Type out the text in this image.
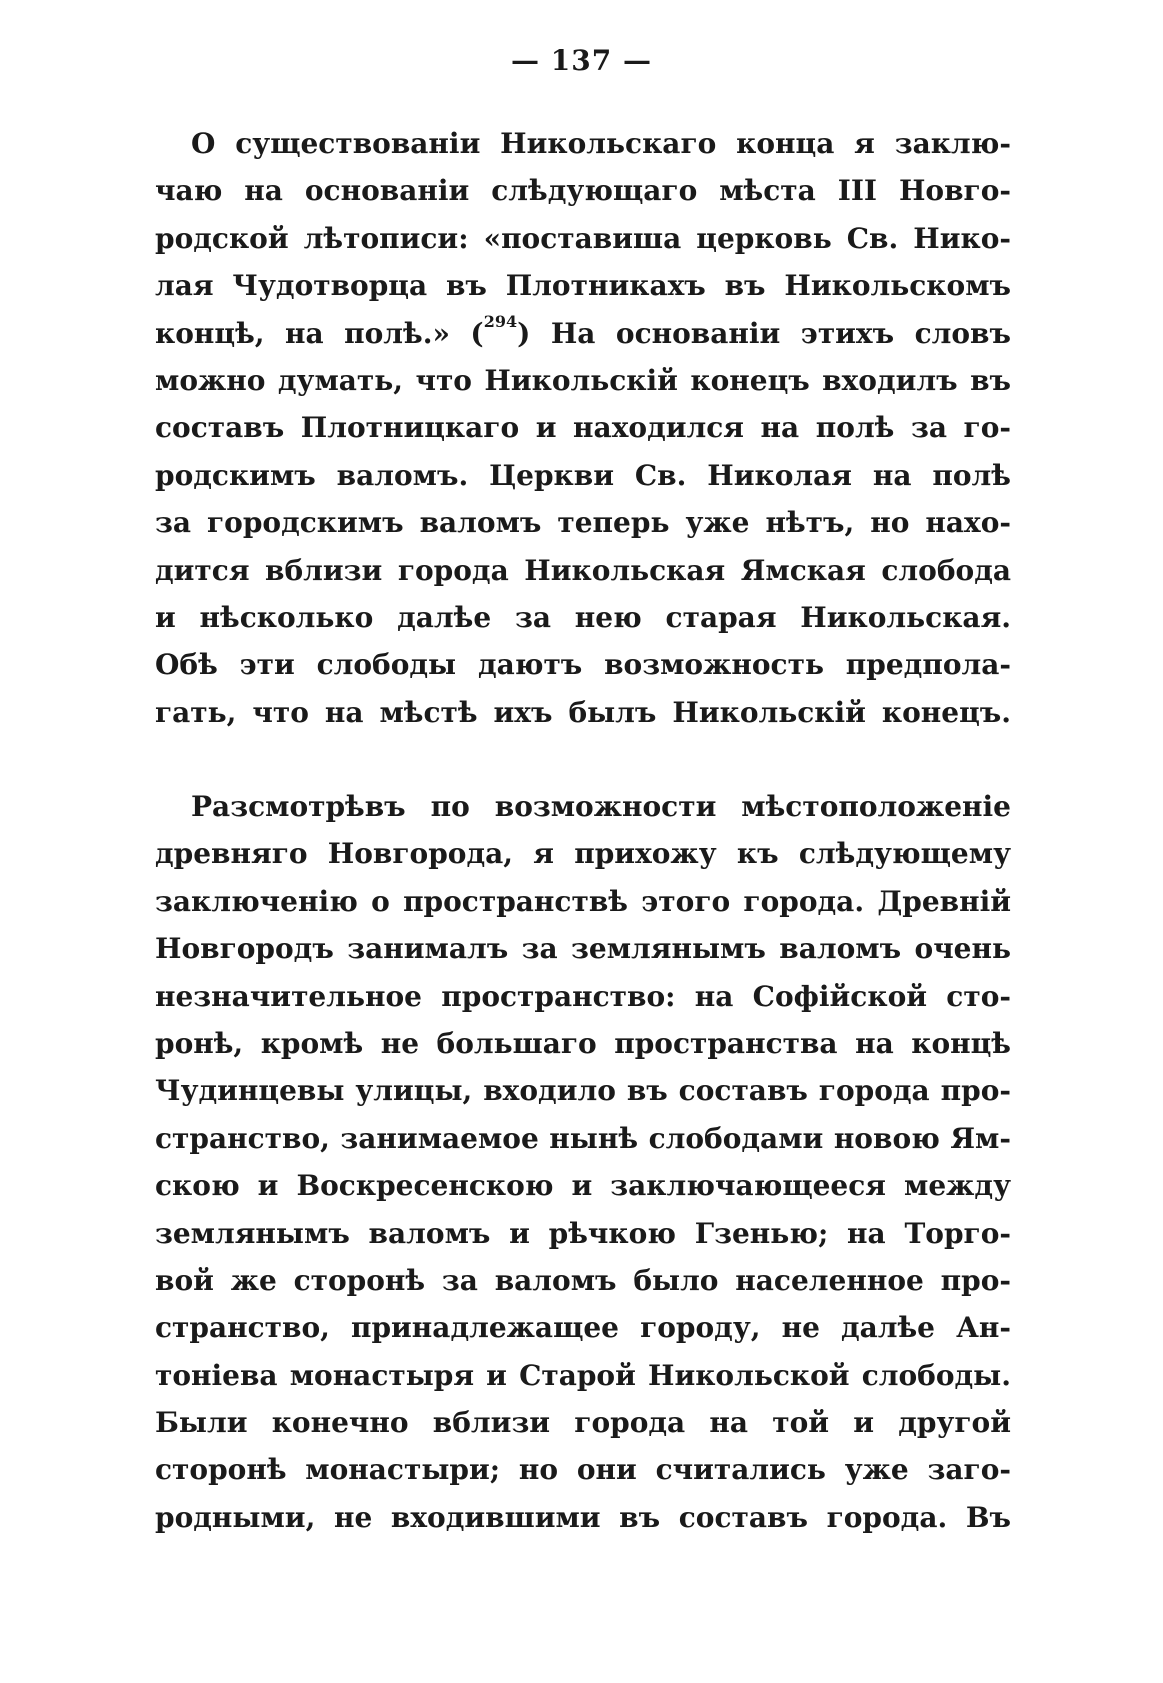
— 137 —
О существованіи Никольскаго конца я заклю-
чаю на основаніи слѣдующаго мѣста III Новго-
родской лѣтописи: «поставиша церковь Св. Нико-
лая Чудотворца въ Плотникахъ въ Никольскомъ
концѣ, на полѣ.» ($^{294}$) На основаніи этихъ словъ
можно думать, что Никольскій конецъ входилъ въ
составъ Плотницкаго и находился на полѣ за го-
родскимъ валомъ. Церкви Св. Николая на полѣ
за городскимъ валомъ теперь уже нѣтъ, но нахо-
дится вблизи города Никольская Ямская слобода
и нѣсколько далѣе за нею старая Никольская.
Обѣ эти слободы даютъ возможность предпола-
гать, что на мѣстѣ ихъ былъ Никольскій конецъ.
Разсмотрѣвъ по возможности мѣстоположеніе
древняго Новгорода, я прихожу къ слѣдующему
заключенію о пространствѣ этого города. Древній
Новгородъ занималъ за землянымъ валомъ очень
незначительное пространство: на Софійской сто-
ронѣ, кромѣ не большаго пространства на концѣ
Чудинцевы улицы, входило въ составъ города про-
странство, занимаемое нынѣ слободами новою Ям-
скою и Воскресенскою и заключающееся между
землянымъ валомъ и рѣчкою Гзенью; на Торго-
вой же сторонѣ за валомъ было населенное про-
странство, принадлежащее городу, не далѣе Ан-
тоніева монастыря и Старой Никольской слободы.
Были конечно вблизи города на той и другой
сторонѣ монастыри; но они считались уже заго-
родными, не входившими въ составъ города. Въ
